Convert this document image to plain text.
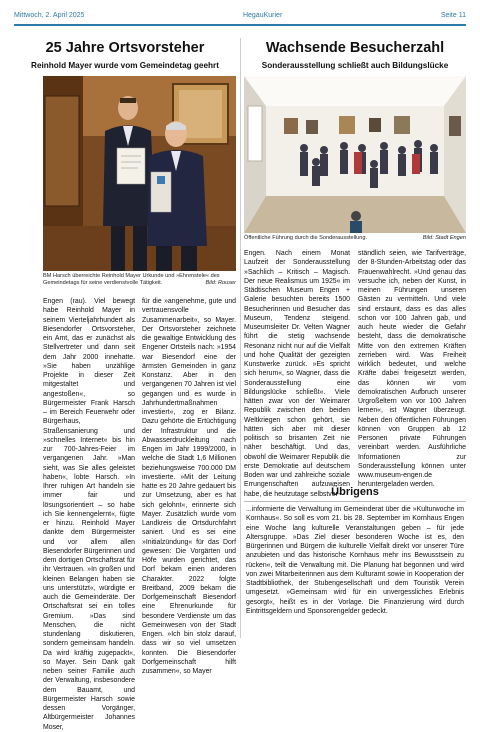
Mittwoch, 2. April 2025	HegauKurier	Seite 11
25 Jahre Ortsvorsteher
Reinhold Mayer wurde vom Gemeindetag geehrt
BM Harsch überreichte Reinhold Mayer Urkunde und »Ehrenstele« des Gemeindetags für seine verdienstvolle Tätigkeit.	Bild: Rouser

Engen (rau). Viel bewegt habe Reinhold Mayer in seinem Vierteljahrhundert als Biesendorfer Ortsvorsteher, ein Amt, das er zunächst als Stellvertreter und dann seit dem Jahr 2000 innehatte. »Sie haben unzählige Projekte in dieser Zeit mitgestaltet und angestoßen«, so Bürgermeister Frank Harsch – im Bereich Feuerwehr oder Bürgerhaus, Straßensanierung und »schnelles Internet« bis hin zur 700-Jahres-Feier im vergangenen Jahr. »Man sieht, was Sie alles geleistet haben«, lobte Harsch. »In Ihrer ruhigen Art handeln sie immer fair und lösungsorientiert – so habe ich Sie kennengelernt«, fügte er hinzu. Reinhold Mayer dankte dem Bürgermeister und vor allem allen Biesendorfer Bürgerinnen und dem dortigen Ortschaftsrat für ihr Vertrauen. »In großen und kleinen Belangen haben sie uns unterstützt«, würdigte er auch die Gemeinderäte. Der Ortschaftsrat sei ein tolles Gremium. »Das sind Menschen, die nicht stundenlang diskutieren, sondern gemeinsam handeln. Da wird kräftig zugepackt«, so Mayer. Sein Dank galt neben seiner Familie auch der Verwaltung, insbesondere dem Bauamt, und Bürgermeister Harsch sowie dessen Vorgänger, Altbürgermeister Johannes Moser,

für die »angenehme, gute und vertrauensvolle Zusammenarbeit«, so Mayer. Der Ortsvorsteher zeichnete die gewaltige Entwicklung des Engener Ortsteils nach: »1954 war Biesendorf eine der ärmsten Gemeinden in ganz Konstanz. Aber in den vergangenen 70 Jahren ist viel gegangen und es wurde in Jahrhundertmaßnahmen investiert«, zog er Bilanz. Dazu gehörte die Ertüchtigung der Infrastruktur und die Abwasserdruckleitung nach Engen im Jahr 1999/2000, in welche die Stadt 1,6 Millionen beziehungsweise 700.000 DM investierte. »Mit der Leitung hatte es 20 Jahre gedauert bis zur Umsetzung, aber es hat sich gelohnt«, erinnerte sich Mayer. Zusätzlich wurde vom Landkreis die Ortsdurchfahrt saniert. Und es sei eine »Initialzündung« für das Dorf gewesen: Die Vorgärten und Höfe wurden gerichtet, das Dorf bekam einen anderen Charakter. 2022 folgte Breitband, 2009 bekam die Dorfgemeinschaft Biesendorf eine Ehrenurkunde für besondere Verdienste um das Gemeinwesen von der Stadt Engen. »Ich bin stolz darauf, dass wir so viel umsetzen konnten. Die Biesendorfer Dorfgemeinschaft hilft zusammen«, so Mayer

Wachsende Besucherzahl
Sonderausstellung schließt auch Bildungslücke
Öffentliche Führung durch die Sonderausstellung.	Bild: Stadt Engen

Engen. Nach einem Monat Laufzeit der Sonderausstellung »Sachlich – Kritisch – Magisch. Der neue Realismus um 1925« im Städtischen Museum Engen + Galerie besuchten bereits 1500 Besucherinnen und Besucher das Museum, Tendenz steigend. Museumsleiter Dr. Velten Wagner führt die stetig wachsende Resonanz nicht nur auf die Vielfalt und hohe Qualität der gezeigten Kunstwerke zurück. »Es spricht sich herum«, so Wagner, dass die Sonderausstellung eine Bildungslücke schließt«. Viele hätten zwar von der Weimarer Republik zwischen den beiden Weltkriegen schon gehört, sie hätten sich aber mit dieser politisch so brisanten Zeit nie näher beschäftigt. Und das, obwohl die Weimarer Republik die erste Demokratie auf deutschem Boden war und zahlreiche soziale Errungenschaften aufzuweisen habe, die heutzutage selbstver-

ständlich seien, wie Tarifverträge, der 8-Stunden-Arbeitstag oder das Frauenwahlrecht. »Und genau das versuche ich, neben der Kunst, in meinen Führungen unseren Gästen zu vermitteln. Und viele sind erstaunt, dass es das alles schon vor 100 Jahren gab, und auch heute wieder die Gefahr besteht, dass die demokratische Mitte von den extremen Kräften zerrieben wird. Was Freiheit wirklich bedeutet, und welche Kräfte dabei freigesetzt werden, das können wir vom demokratischen Aufbruch unserer Urgroßeltern von vor 100 Jahren lernen«, ist Wagner überzeugt. Neben den öffentlichen Führungen können von Gruppen ab 12 Personen private Führungen vereinbart werden. Ausführliche Informationen zur Sonderausstellung können unter www.museum-engen.de heruntergeladen werden.

Übrigens

...informierte die Verwaltung im Gemeinderat über die »Kulturwoche im Kornhaus«. So soll es vom 21. bis 28. September im Kornhaus Engen eine Woche lang kulturelle Veranstaltungen geben – für jede Altersgruppe. »Das Ziel dieser besonderen Woche ist es, den Bürgerinnen und Bürgern die kulturelle Vielfalt direkt vor unserer Türe anzubieten und das historische Kornhaus mehr ins Bewusstsein zu rücken«, teilt die Verwaltung mit. Die Planung hat begonnen und wird von zwei Mitarbeiterinnen aus dem Kulturamt sowie in Kooperation der Stadtbibliothek, der Stubengesellschaft und dem Touristik Verein umgesetzt. »Gemeinsam wird für ein unvergessliches Erlebnis gesorgt«, heißt es in der Vorlage. Die Finanzierung wird durch Eintrittsgeldern und Sponsorengelder gedeckt.
